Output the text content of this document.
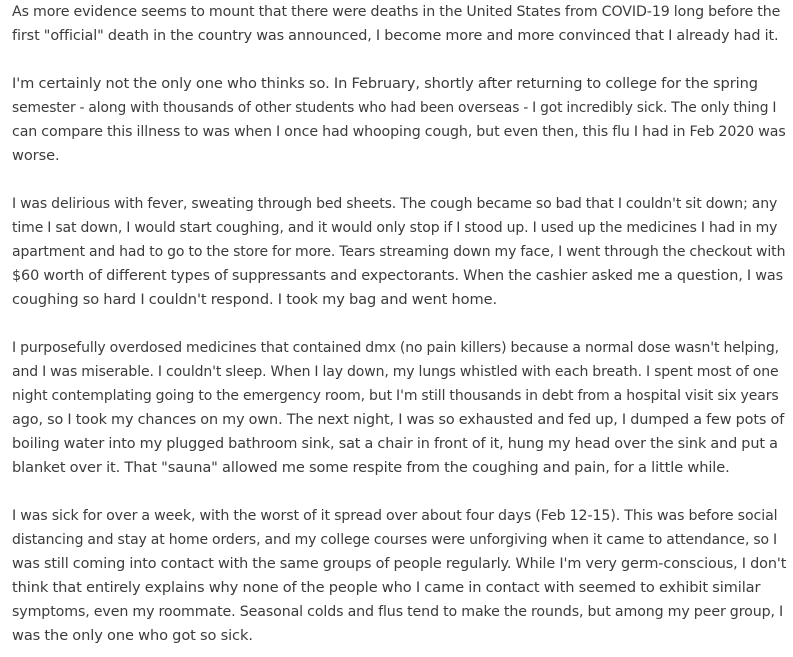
As more evidence seems to mount that there were deaths in the United States from COVID-19 long before the
first "official" death in the country was announced, I become more and more convinced that I already had it.

I'm certainly not the only one who thinks so. In February, shortly after returning to college for the spring
semester - along with thousands of other students who had been overseas - I got incredibly sick. The only thing I
can compare this illness to was when I once had whooping cough, but even then, this flu I had in Feb 2020 was
worse.

I was delirious with fever, sweating through bed sheets. The cough became so bad that I couldn't sit down; any
time I sat down, I would start coughing, and it would only stop if I stood up. I used up the medicines I had in my
apartment and had to go to the store for more. Tears streaming down my face, I went through the checkout with
$60 worth of different types of suppressants and expectorants. When the cashier asked me a question, I was
coughing so hard I couldn't respond. I took my bag and went home.

I purposefully overdosed medicines that contained dmx (no pain killers) because a normal dose wasn't helping,
and I was miserable. I couldn't sleep. When I lay down, my lungs whistled with each breath. I spent most of one
night contemplating going to the emergency room, but I'm still thousands in debt from a hospital visit six years
ago, so I took my chances on my own. The next night, I was so exhausted and fed up, I dumped a few pots of
boiling water into my plugged bathroom sink, sat a chair in front of it, hung my head over the sink and put a
blanket over it. That "sauna" allowed me some respite from the coughing and pain, for a little while.

I was sick for over a week, with the worst of it spread over about four days (Feb 12-15). This was before social
distancing and stay at home orders, and my college courses were unforgiving when it came to attendance, so I
was still coming into contact with the same groups of people regularly. While I'm very germ-conscious, I don't
think that entirely explains why none of the people who I came in contact with seemed to exhibit similar
symptoms, even my roommate. Seasonal colds and flus tend to make the rounds, but among my peer group, I
was the only one who got so sick.
